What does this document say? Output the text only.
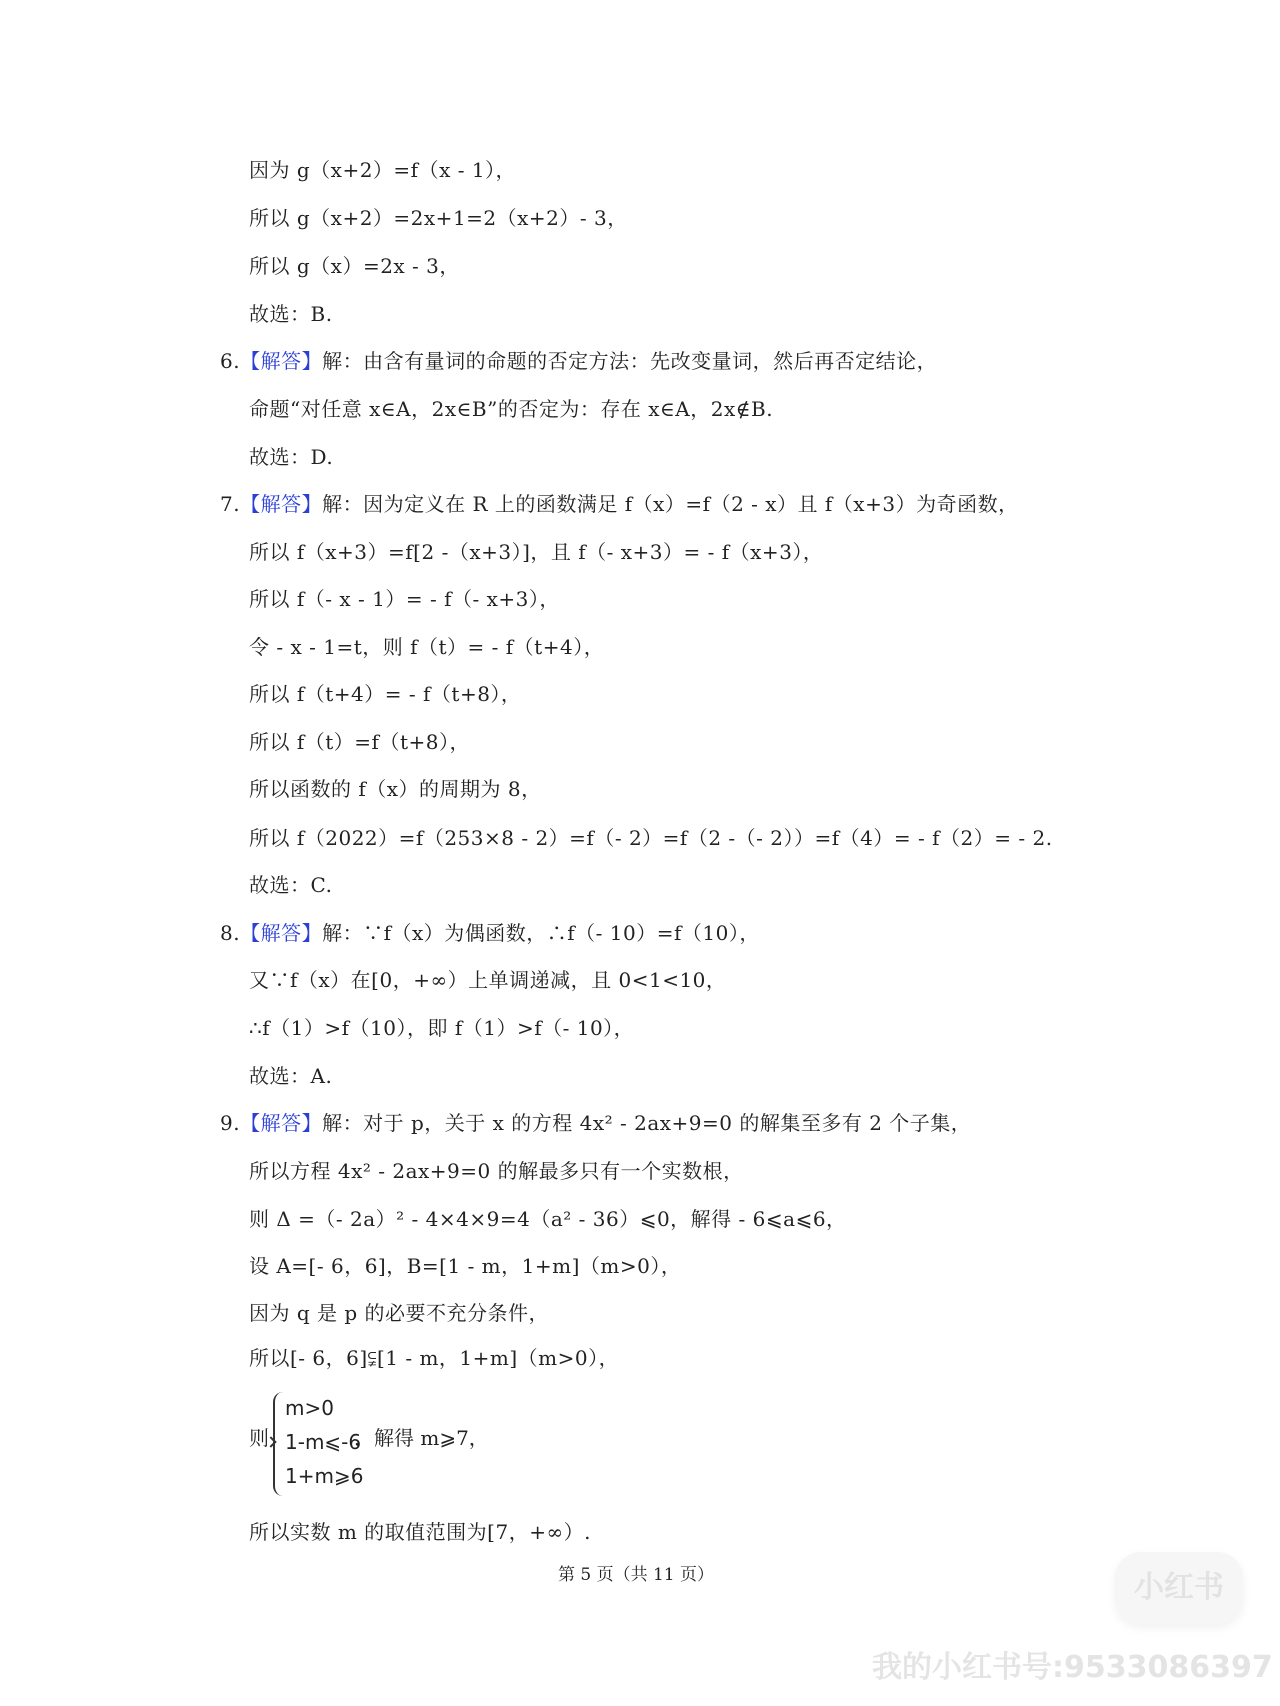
因为 g（x+2）=f（x - 1），
所以 g（x+2）=2x+1=2（x+2）- 3，
所以 g（x）=2x - 3，
故选：B.
6.【解答】解：由含有量词的命题的否定方法：先改变量词，然后再否定结论，
命题“对任意 x∈A，2x∈B”的否定为：存在 x∈A，2x∉B.
故选：D.
7.【解答】解：因为定义在 R 上的函数满足 f（x）=f（2 - x）且 f（x+3）为奇函数，
所以 f（x+3）=f[2 -（x+3）]，且 f（- x+3）= - f（x+3），
所以 f（- x - 1）= - f（- x+3），
令 - x - 1=t，则 f（t）= - f（t+4），
所以 f（t+4）= - f（t+8），
所以 f（t）=f（t+8），
所以函数的 f（x）的周期为 8，
所以 f（2022）=f（253×8 - 2）=f（- 2）=f（2 -（- 2））=f（4）= - f（2）= - 2.
故选：C.
8.【解答】解：∵f（x）为偶函数，∴f（- 10）=f（10），
又∵f（x）在[0，+∞）上单调递减，且 0<1<10，
∴f（1）>f（10），即 f（1）>f（- 10），
故选：A.
9.【解答】解：对于 p，关于 x 的方程 4x² - 2ax+9=0 的解集至多有 2 个子集，
所以方程 4x² - 2ax+9=0 的解最多只有一个实数根，
则 Δ =（- 2a）² - 4×4×9=4（a² - 36）⩽0，解得 - 6⩽a⩽6，
设 A=[- 6，6]，B=[1 - m，1+m]（m>0），
因为 q 是 p 的必要不充分条件，
所以[- 6，6]⫋[1 - m，1+m]（m>0），
则
m>0
1-m⩽-6
1+m⩾6
，解得 m⩾7，
所以实数 m 的取值范围为[7，+∞）.
第 5 页（共 11 页）	小红书
我的小红书号:9533086397
